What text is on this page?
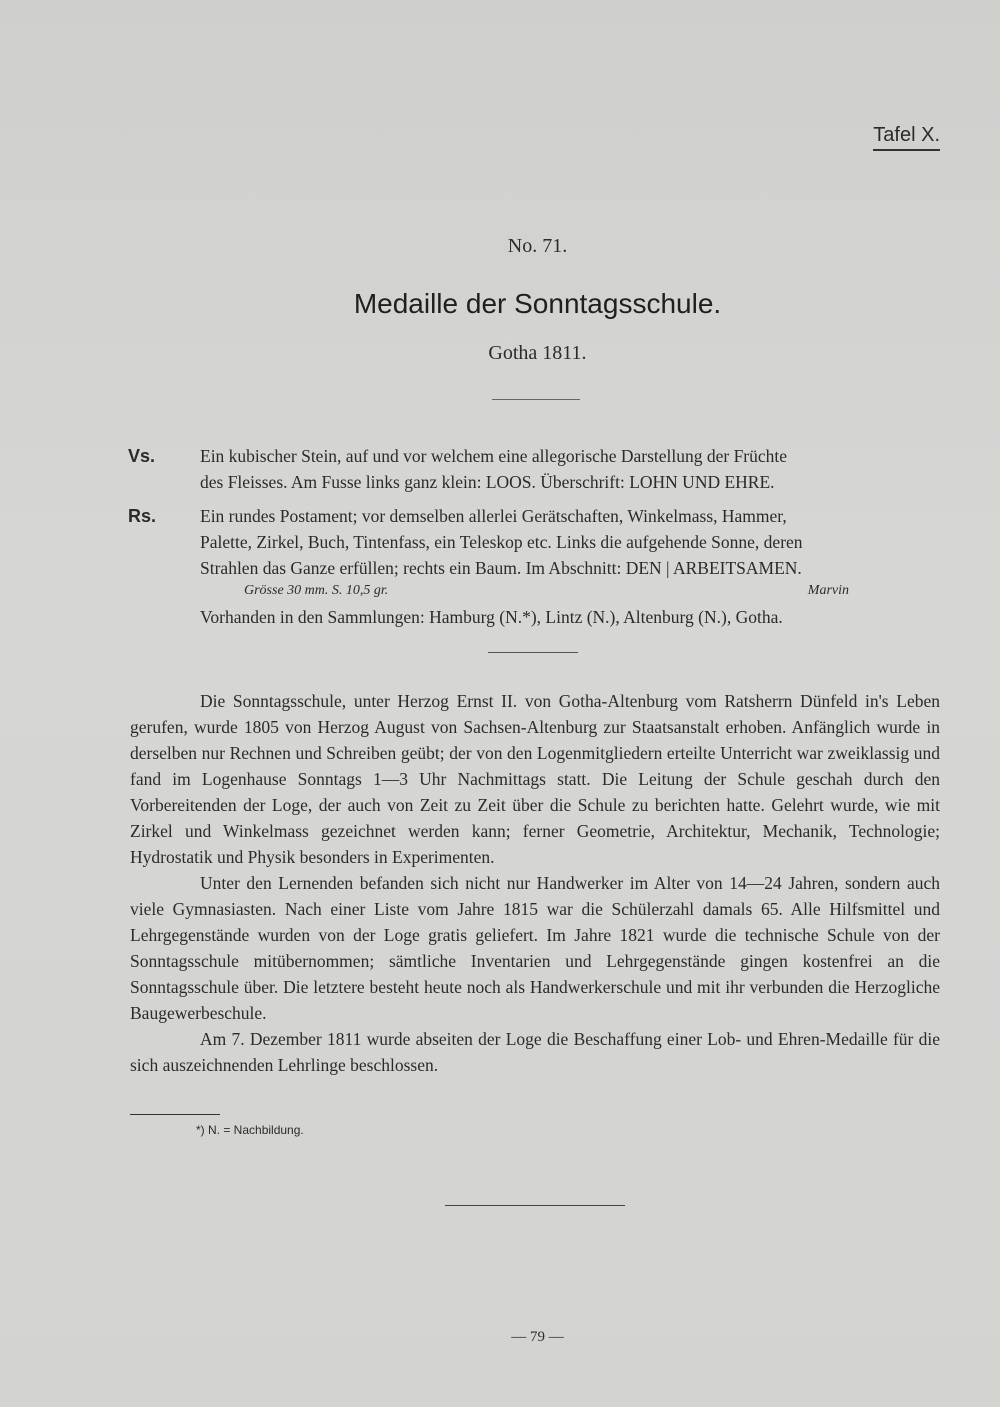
Tafel X.
No. 71.
Medaille der Sonntagsschule.
Gotha 1811.
Vs.	Ein kubischer Stein, auf und vor welchem eine allegorische Darstellung der Früchte

des Fleisses. Am Fusse links ganz klein: LOOS. Überschrift: LOHN UND EHRE.

Rs.	Ein rundes Postament; vor demselben allerlei Gerätschaften, Winkelmass, Hammer,

Palette, Zirkel, Buch, Tintenfass, ein Teleskop etc. Links die aufgehende Sonne, deren

Strahlen das Ganze erfüllen; rechts ein Baum. Im Abschnitt: DEN | ARBEITSAMEN.

Grösse 30 mm. S. 10,5 gr.	Marvin
Vorhanden in den Sammlungen: Hamburg (N.*), Lintz (N.), Altenburg (N.), Gotha.

Die Sonntagsschule, unter Herzog Ernst II. von Gotha-Altenburg vom Ratsherrn Dünfeld in's Leben gerufen, wurde 1805 von Herzog August von Sachsen-Altenburg zur Staatsanstalt erhoben. Anfänglich wurde in derselben nur Rechnen und Schreiben geübt; der von den Logenmitgliedern erteilte Unterricht war zweiklassig und fand im Logenhause Sonntags 1—3 Uhr Nachmittags statt. Die Leitung der Schule geschah durch den Vorbereitenden der Loge, der auch von Zeit zu Zeit über die Schule zu berichten hatte. Gelehrt wurde, wie mit Zirkel und Winkelmass gezeichnet werden kann; ferner Geometrie, Architektur, Mechanik, Technologie; Hydrostatik und Physik besonders in Experimenten.

Unter den Lernenden befanden sich nicht nur Handwerker im Alter von 14—24 Jahren, sondern auch viele Gymnasiasten. Nach einer Liste vom Jahre 1815 war die Schülerzahl damals 65. Alle Hilfsmittel und Lehrgegenstände wurden von der Loge gratis geliefert. Im Jahre 1821 wurde die technische Schule von der Sonntagsschule mitübernommen; sämtliche Inventarien und Lehrgegenstände gingen kostenfrei an die Sonntagsschule über. Die letztere besteht heute noch als Handwerkerschule und mit ihr verbunden die Herzogliche Baugewerbeschule.

Am 7. Dezember 1811 wurde abseiten der Loge die Beschaffung einer Lob- und Ehren-Medaille für die sich auszeichnenden Lehrlinge beschlossen.

*) N. = Nachbildung.
— 79 —
